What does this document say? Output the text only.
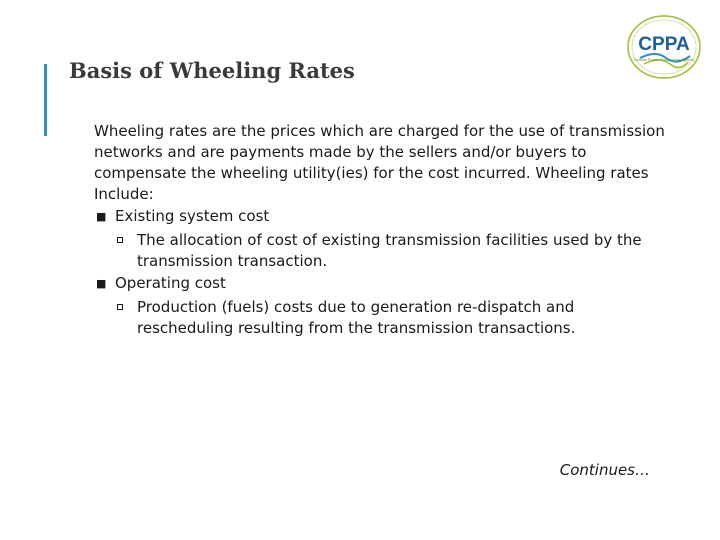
Basis of Wheeling Rates
CPPA
Central Power Purchasing Agency

Wheeling rates are the prices which are charged for the use of transmission networks and are payments made by the sellers and/or buyers to compensate the wheeling utility(ies) for the cost incurred. Wheeling rates Include:

■ Existing system cost
The allocation of cost of existing transmission facilities used by the transmission transaction.
■ Operating cost
Production (fuels) costs due to generation re-dispatch and rescheduling resulting from the transmission transactions.
Continues…
